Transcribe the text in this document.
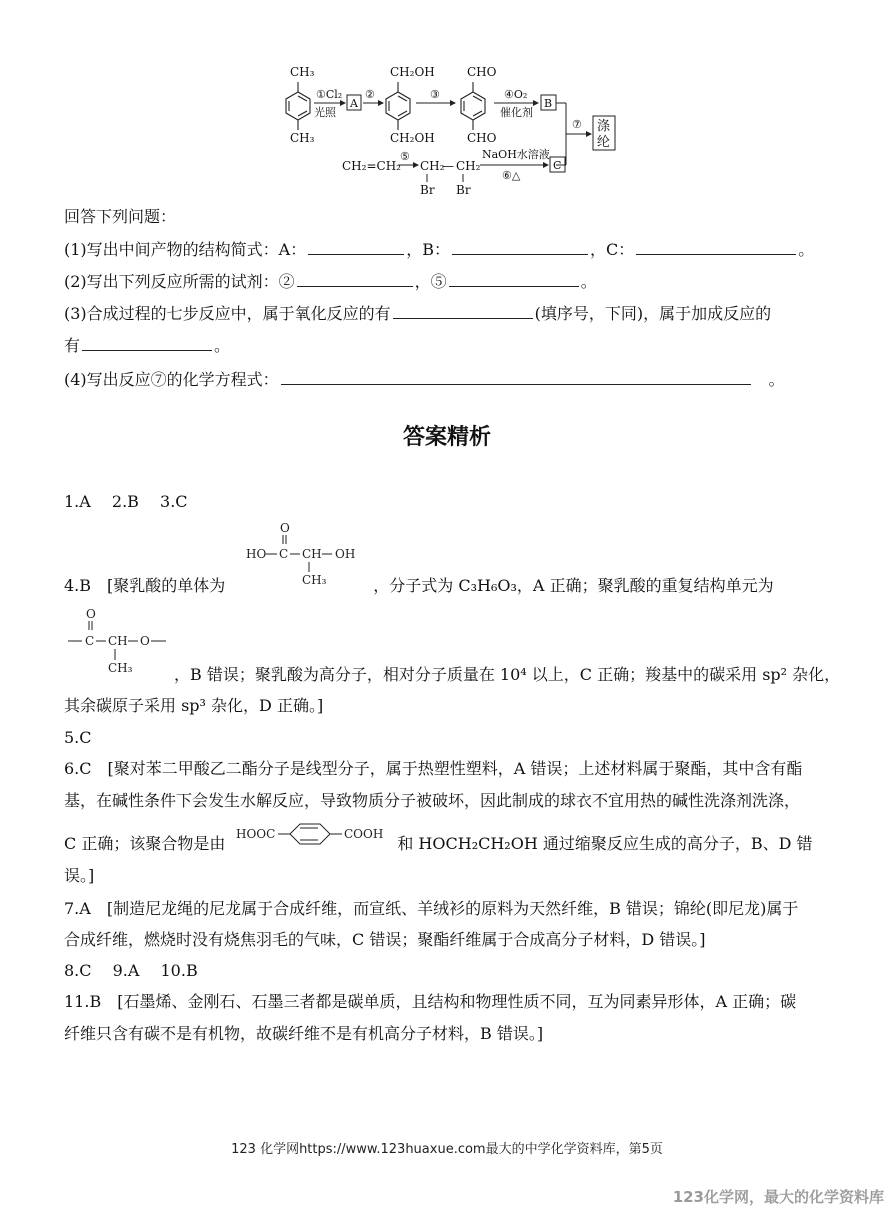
CH₃
CH₃
①Cl₂
光照
A
②
CH₂OH
CH₂OH
③
CHO
CHO
④O₂
催化剂
B
⑦ 涤
纶
CH₂=CH₂
⑤
CH₂
— CH₂
Br Br
NaOH水溶液
⑥△
C
回答下列问题：
(1)写出中间产物的结构简式：A：	，B：	，C：	。
(2)写出下列反应所需的试剂：②	，⑤	。
(3)合成过程的七步反应中，属于氧化反应的有	(填序号，下同)，属于加成反应的
有	。
(4)写出反应⑦的化学方程式：	。
答案精析
1.A　 2.B　 3.C
O
HO C CH OH
CH₃
4.B　[聚乳酸的单体为	，分子式为 C₃H₆O₃，A 正确；聚乳酸的重复结构单元为
O
C CH O
CH₃	，B 错误；聚乳酸为高分子，相对分子质量在 10⁴ 以上，C 正确；羧基中的碳采用 sp² 杂化，
其余碳原子采用 sp³ 杂化，D 正确。]
5.C
6.C　[聚对苯二甲酸乙二酯分子是线型分子，属于热塑性塑料，A 错误；上述材料属于聚酯，其中含有酯
基，在碱性条件下会发生水解反应，导致物质分子被破坏，因此制成的球衣不宜用热的碱性洗涤剂洗涤，
C 正确；该聚合物是由	和 HOCH₂CH₂OH 通过缩聚反应生成的高分子，B、D 错
HOOC	COOH
误。]
7.A　[制造尼龙绳的尼龙属于合成纤维，而宣纸、羊绒衫的原料为天然纤维，B 错误；锦纶(即尼龙)属于
合成纤维，燃烧时没有烧焦羽毛的气味，C 错误；聚酯纤维属于合成高分子材料，D 错误。]
8.C　 9.A　 10.B
11.B　[石墨烯、金刚石、石墨三者都是碳单质，且结构和物理性质不同，互为同素异形体，A 正确；碳
纤维只含有碳不是有机物，故碳纤维不是有机高分子材料，B 错误。]
123 化学网https://www.123huaxue.com最大的中学化学资料库，第5页
123化学网，最大的化学资料库
